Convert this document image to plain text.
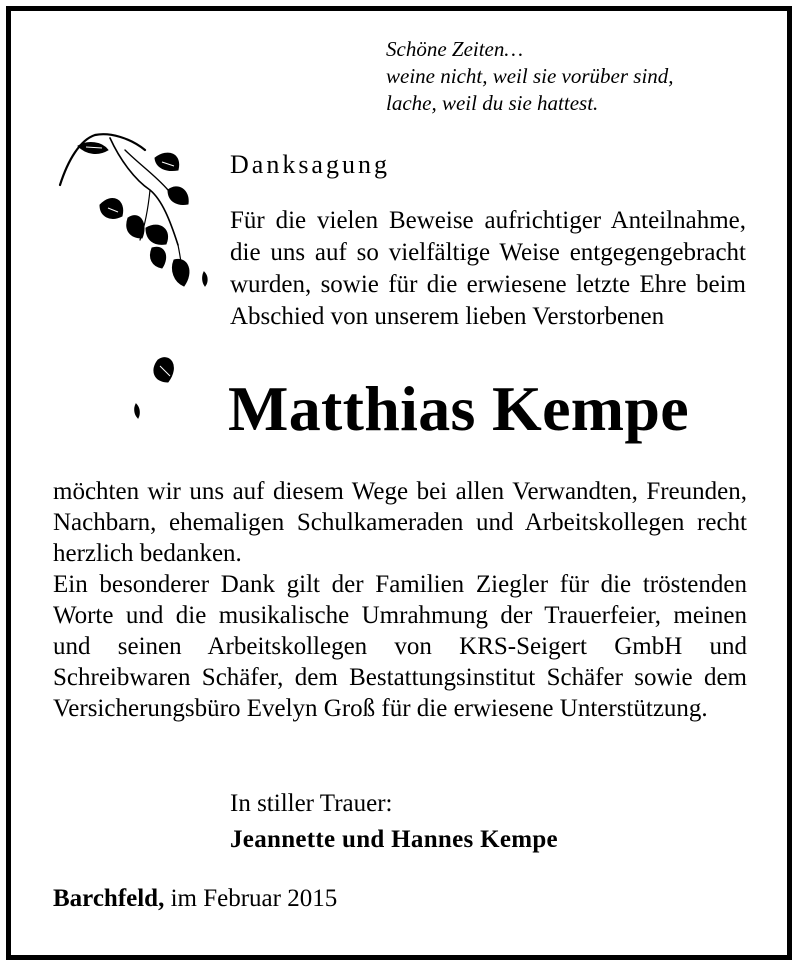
Schöne Zeiten…
weine nicht, weil sie vorüber sind,
lache, weil du sie hattest.
Danksagung
Für die vielen Beweise aufrichtiger Anteilnahme, die uns auf so vielfältige Weise entgegengebracht wurden, sowie für die erwiesene letzte Ehre beim Abschied von unserem lieben Verstorbenen
Matthias Kempe
möchten wir uns auf diesem Wege bei allen Verwandten, Freunden, Nachbarn, ehemaligen Schulkameraden und Arbeitskollegen recht herzlich bedanken.
Ein besonderer Dank gilt der Familien Ziegler für die tröstenden Worte und die musikalische Umrahmung der Trauerfeier, meinen und seinen Arbeitskollegen von KRS-Seigert GmbH und Schreibwaren Schäfer, dem Bestattungsinstitut Schäfer sowie dem Versicherungsbüro Evelyn Groß für die erwiesene Unterstützung.
In stiller Trauer:
Jeannette und Hannes Kempe
Barchfeld, im Februar 2015
